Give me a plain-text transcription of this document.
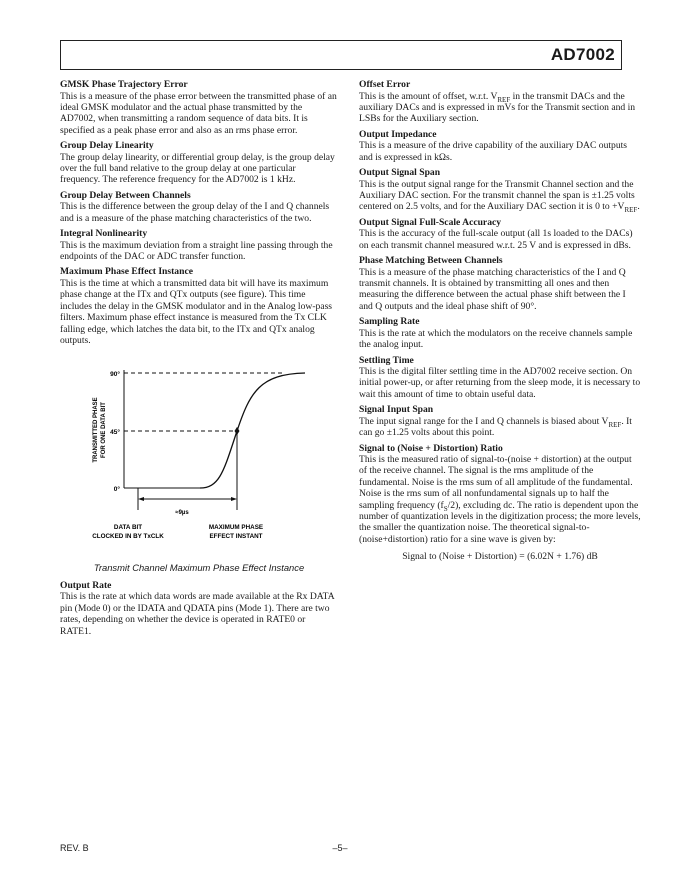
AD7002
GMSK Phase Trajectory Error

This is a measure of the phase error between the transmitted phase of an ideal GMSK modulator and the actual phase transmitted by the AD7002, when transmitting a random sequence of data bits. It is specified as a peak phase error and also as an rms phase error.

Group Delay Linearity

The group delay linearity, or differential group delay, is the group delay over the full band relative to the group delay at one particular frequency. The reference frequency for the AD7002 is 1 kHz.

Group Delay Between Channels

This is the difference between the group delay of the I and Q channels and is a measure of the phase matching characteristics of the two.

Integral Nonlinearity

This is the maximum deviation from a straight line passing through the endpoints of the DAC or ADC transfer function.

Maximum Phase Effect Instance

This is the time at which a transmitted data bit will have its maximum phase change at the ITx and QTx outputs (see figure). This time includes the delay in the GMSK modulator and in the Analog low-pass filters. Maximum phase effect instance is measured from the Tx CLK falling edge, which latches the data bit, to the ITx and QTx analog outputs.

90°
45°
0°
TRANSMITTED PHASE FOR ONE DATA BIT
≈9µs
DATA BIT
CLOCKED IN BY TxCLK
MAXIMUM PHASE
EFFECT INSTANT
Transmit Channel Maximum Phase Effect Instance
Output Rate

This is the rate at which data words are made available at the Rx DATA pin (Mode 0) or the IDATA and QDATA pins (Mode 1). There are two rates, depending on whether the device is operated in RATE0 or RATE1.

Offset Error

This is the amount of offset, w.r.t. $V_{REF}$ in the transmit DACs and the auxiliary DACs and is expressed in mVs for the Transmit section and in LSBs for the Auxiliary section.

Output Impedance

This is a measure of the drive capability of the auxiliary DAC outputs and is expressed in kΩs.

Output Signal Span

This is the output signal range for the Transmit Channel section and the Auxiliary DAC section. For the transmit channel the span is ±1.25 volts centered on 2.5 volts, and for the Auxiliary DAC section it is 0 to $+V_{REF}$.

Output Signal Full-Scale Accuracy

This is the accuracy of the full-scale output (all 1s loaded to the DACs) on each transmit channel measured w.r.t. 25 V and is expressed in dBs.

Phase Matching Between Channels

This is a measure of the phase matching characteristics of the I and Q transmit channels. It is obtained by transmitting all ones and then measuring the difference between the actual phase shift between the I and Q outputs and the ideal phase shift of 90°.

Sampling Rate

This is the rate at which the modulators on the receive channels sample the analog input.

Settling Time

This is the digital filter settling time in the AD7002 receive section. On initial power-up, or after returning from the sleep mode, it is necessary to wait this amount of time to obtain useful data.

Signal Input Span

The input signal range for the I and Q channels is biased about $V_{REF}$. It can go ±1.25 volts about this point.

Signal to (Noise + Distortion) Ratio

This is the measured ratio of signal-to-(noise + distortion) at the output of the receive channel. The signal is the rms amplitude of the fundamental. Noise is the rms sum of all amplitude of the fundamental. Noise is the rms sum of all nonfundamental signals up to half the sampling frequency $(f_S/2)$, excluding dc. The ratio is dependent upon the number of quantization levels in the digitization process; the more levels, the smaller the quantization noise. The theoretical signal-to-(noise+distortion) ratio for a sine wave is given by:

Signal to (Noise + Distortion) = (6.02N + 1.76) dB
REV. B	–5–
